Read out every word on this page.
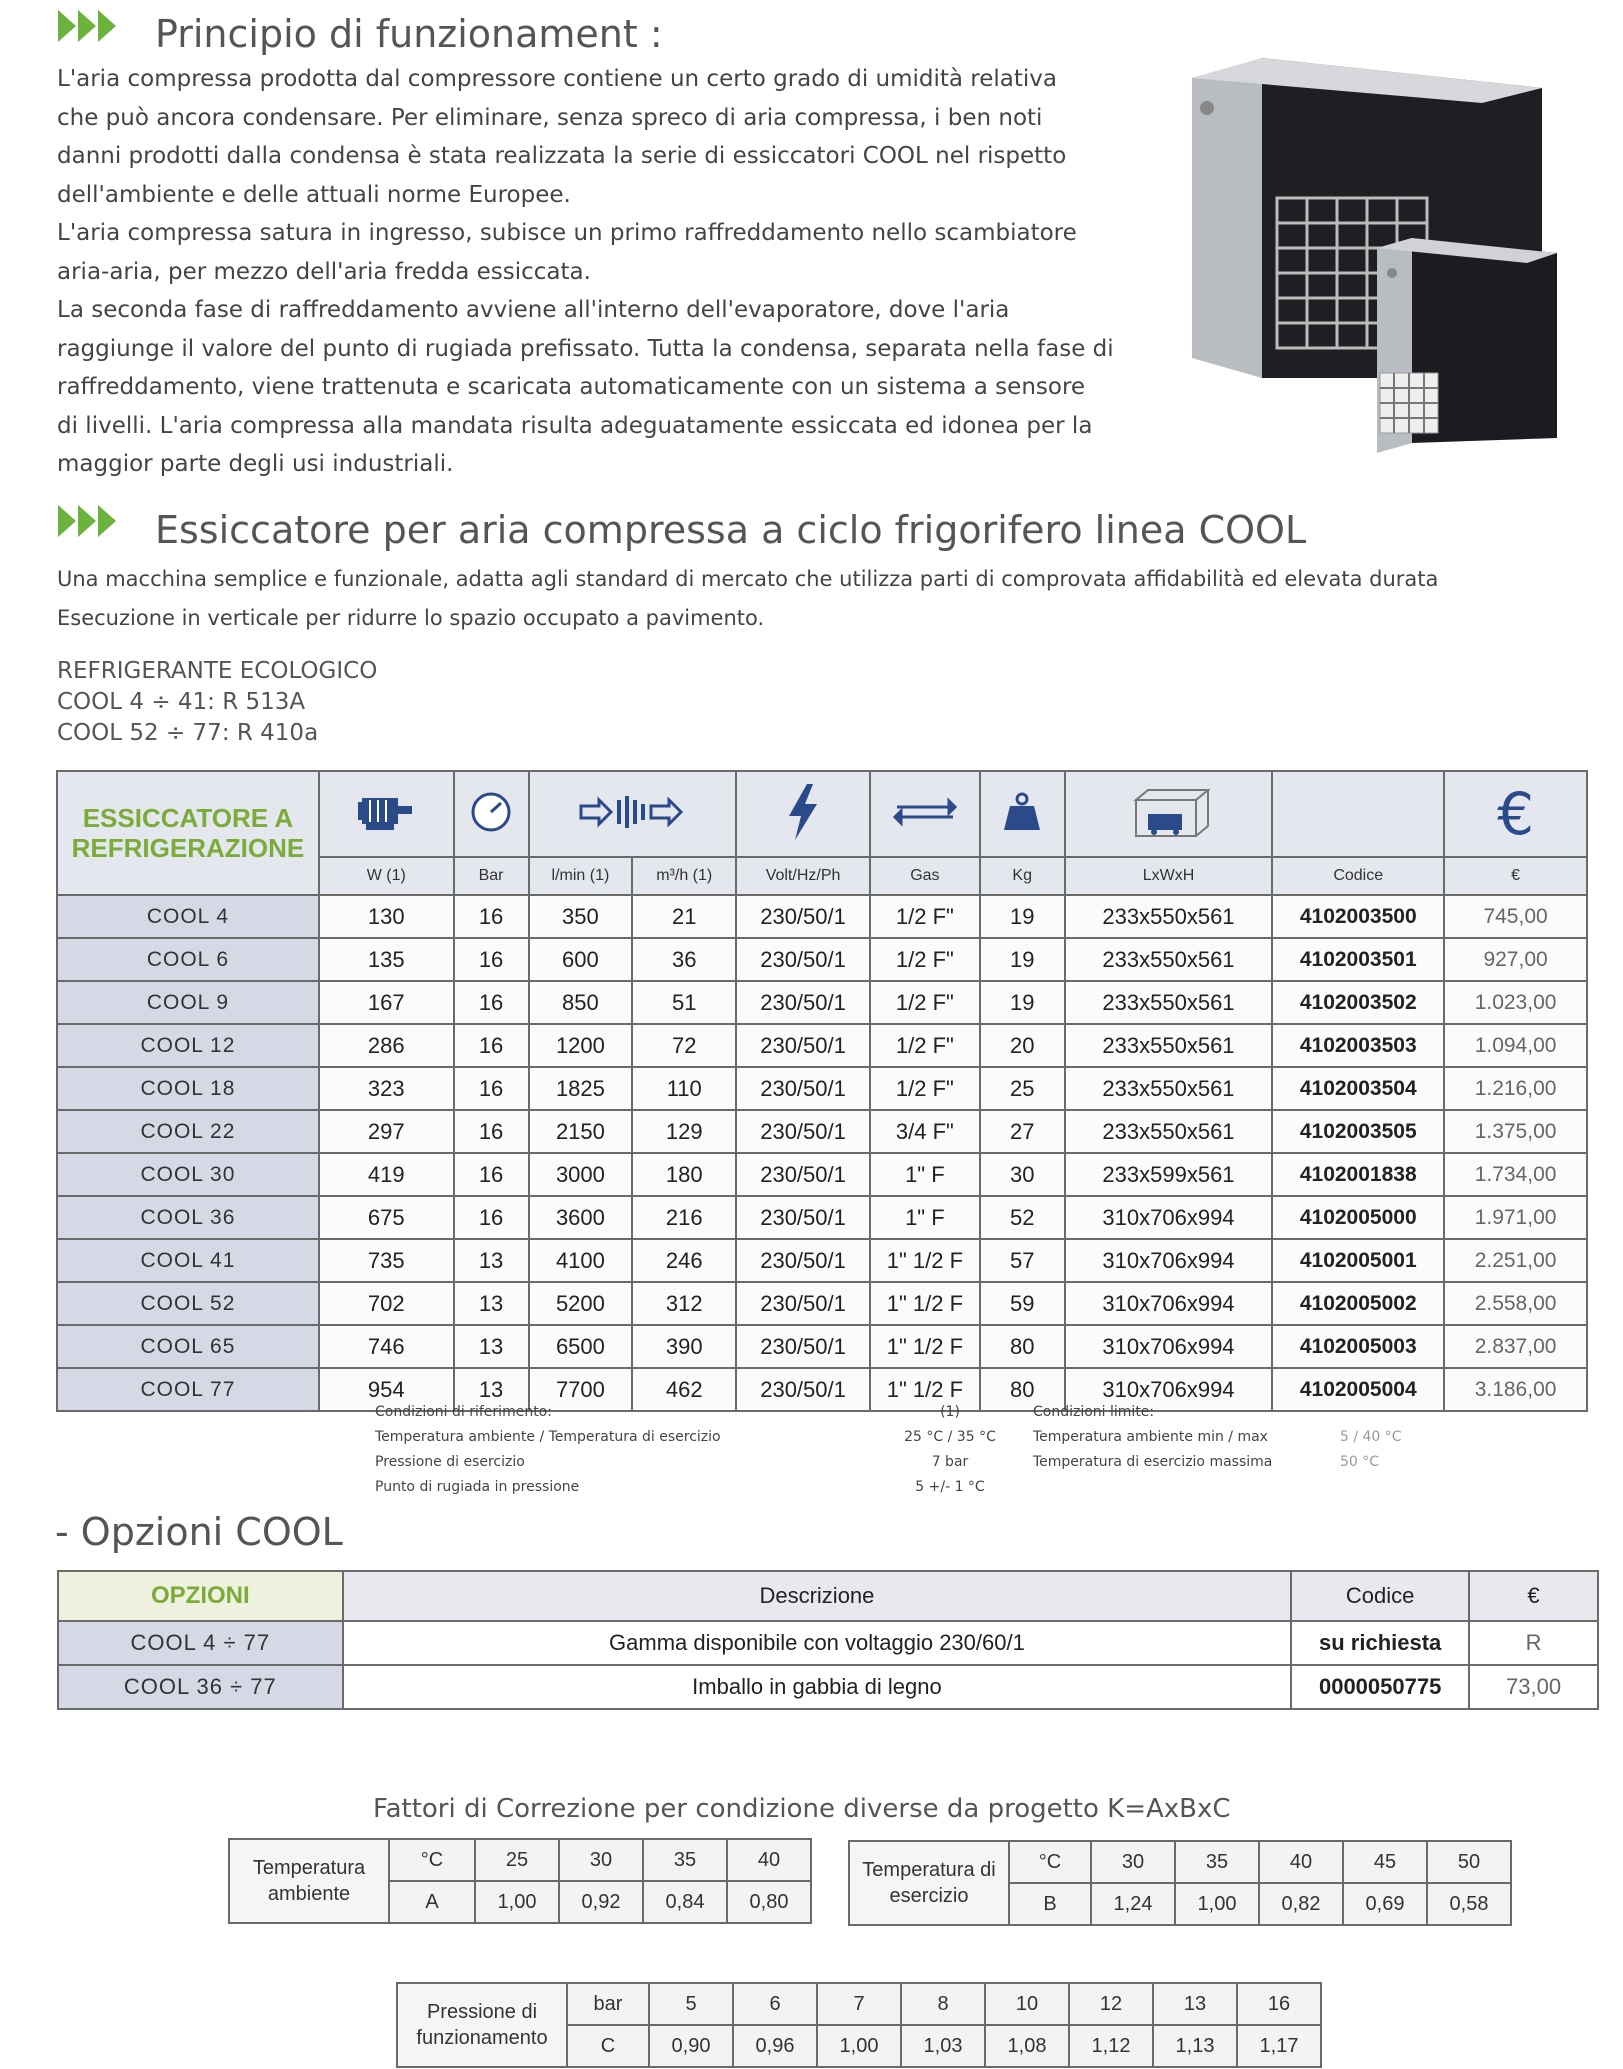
Principio di funzionament :
L'aria compressa prodotta dal compressore contiene un certo grado di umidità relativa
che può ancora condensare. Per eliminare, senza spreco di aria compressa, i ben noti
danni prodotti dalla condensa è stata realizzata la serie di essiccatori COOL nel rispetto
dell'ambiente e delle attuali norme Europee.
L'aria compressa satura in ingresso, subisce un primo raffreddamento nello scambiatore
aria-aria, per mezzo dell'aria fredda essiccata.
La seconda fase di raffreddamento avviene all'interno dell'evaporatore, dove l'aria
raggiunge il valore del punto di rugiada prefissato. Tutta la condensa, separata nella fase di
raffreddamento, viene trattenuta e scaricata automaticamente con un sistema a sensore
di livelli. L'aria compressa alla mandata risulta adeguatamente essiccata ed idonea per la
maggior parte degli usi industriali.
Essiccatore per aria compressa a ciclo frigorifero linea COOL
Una macchina semplice e funzionale, adatta agli standard di mercato che utilizza parti di comprovata affidabilità ed elevata durata
Esecuzione in verticale per ridurre lo spazio occupato a pavimento.
REFRIGERANTE ECOLOGICO
COOL 4 ÷ 41: R 513A
COOL 52 ÷ 77: R 410a
ESSICCATORE A
REFRIGERAZIONE										€
	W (1)	Bar	l/min (1)	m³/h (1)	Volt/Hz/Ph	Gas	Kg	LxWxH	Codice	€
COOL 4	130	16	350	21	230/50/1	1/2 F"	19	233x550x561	4102003500	745,00
COOL 6	135	16	600	36	230/50/1	1/2 F"	19	233x550x561	4102003501	927,00
COOL 9	167	16	850	51	230/50/1	1/2 F"	19	233x550x561	4102003502	1.023,00
COOL 12	286	16	1200	72	230/50/1	1/2 F"	20	233x550x561	4102003503	1.094,00
COOL 18	323	16	1825	110	230/50/1	1/2 F"	25	233x550x561	4102003504	1.216,00
COOL 22	297	16	2150	129	230/50/1	3/4 F"	27	233x550x561	4102003505	1.375,00
COOL 30	419	16	3000	180	230/50/1	1" F	30	233x599x561	4102001838	1.734,00
COOL 36	675	16	3600	216	230/50/1	1" F	52	310x706x994	4102005000	1.971,00
COOL 41	735	13	4100	246	230/50/1	1" 1/2 F	57	310x706x994	4102005001	2.251,00
COOL 52	702	13	5200	312	230/50/1	1" 1/2 F	59	310x706x994	4102005002	2.558,00
COOL 65	746	13	6500	390	230/50/1	1" 1/2 F	80	310x706x994	4102005003	2.837,00
COOL 77	954	13	7700	462	230/50/1	1" 1/2 F	80	310x706x994	4102005004	3.186,00
Condizioni di riferimento:
Temperatura ambiente / Temperatura di esercizio
Pressione di esercizio
Punto di rugiada in pressione
(1)
25 °C / 35 °C
7 bar
5 +/- 1 °C
Condizioni limite:
Temperatura ambiente min / max
Temperatura di esercizio massima
5 / 40 °C
50 °C
- Opzioni COOL
OPZIONI	Descrizione	Codice	€
COOL 4 ÷ 77	Gamma disponibile con voltaggio 230/60/1	su richiesta	R
COOL 36 ÷ 77	Imballo in gabbia di legno	0000050775	73,00
Fattori di Correzione per condizione diverse da progetto K=AxBxC
Temperatura
ambiente	°C	25	30	35	40
	A	1,00	0,92	0,84	0,80
Temperatura di
esercizio	°C	30	35	40	45	50
	B	1,24	1,00	0,82	0,69	0,58
Pressione di
funzionamento	bar	5	6	7	8	10	12	13	16
	C	0,90	0,96	1,00	1,03	1,08	1,12	1,13	1,17
